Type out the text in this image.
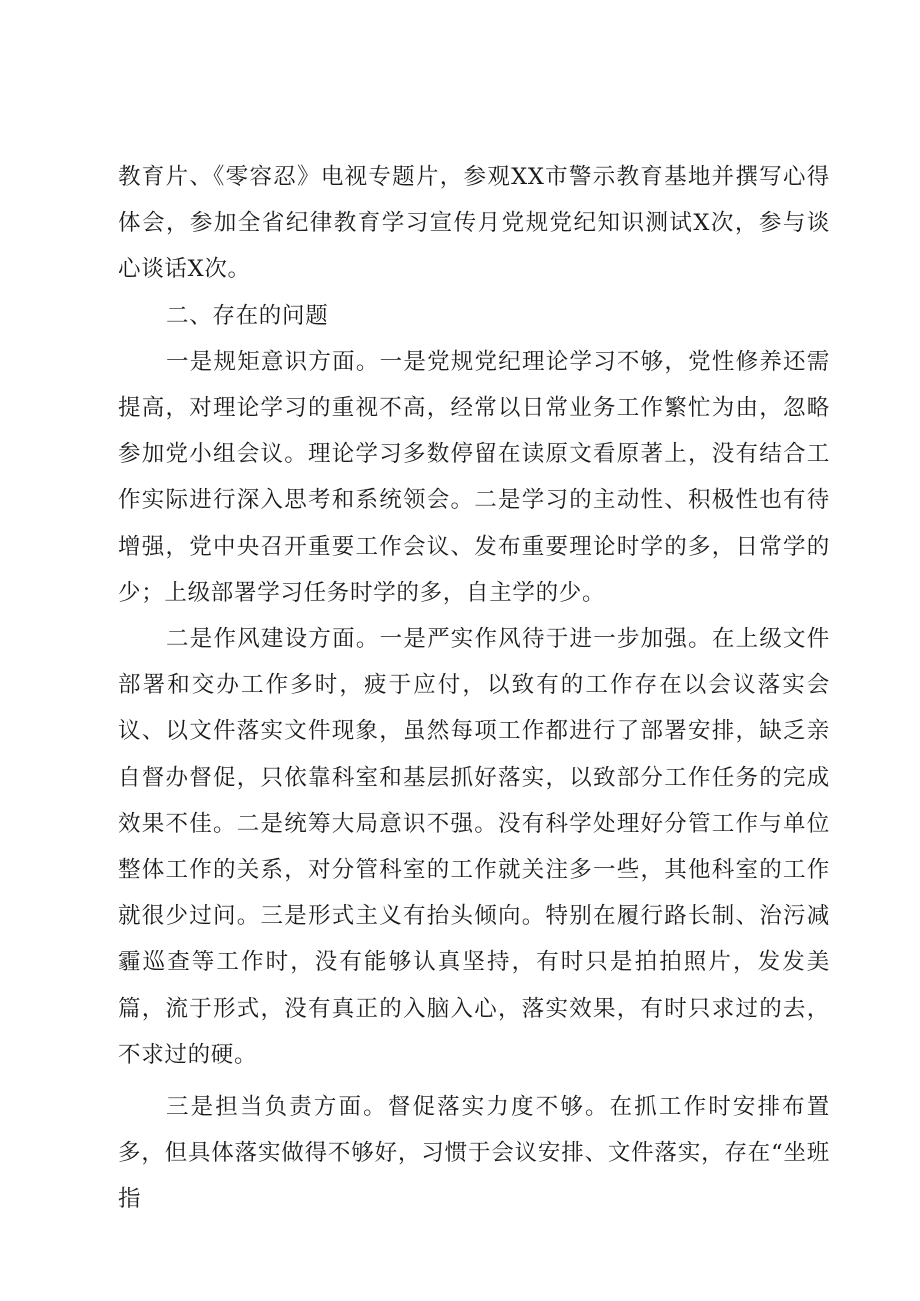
教育片、《零容忍》电视专题片，参观XX市警示教育基地并撰写心得体会，参加全省纪律教育学习宣传月党规党纪知识测试X次，参与谈心谈话X次。

二、存在的问题

一是规矩意识方面。一是党规党纪理论学习不够，党性修养还需提高，对理论学习的重视不高，经常以日常业务工作繁忙为由，忽略参加党小组会议。理论学习多数停留在读原文看原著上，没有结合工作实际进行深入思考和系统领会。二是学习的主动性、积极性也有待增强，党中央召开重要工作会议、发布重要理论时学的多，日常学的少；上级部署学习任务时学的多，自主学的少。

二是作风建设方面。一是严实作风待于进一步加强。在上级文件部署和交办工作多时，疲于应付，以致有的工作存在以会议落实会议、以文件落实文件现象，虽然每项工作都进行了部署安排，缺乏亲自督办督促，只依靠科室和基层抓好落实，以致部分工作任务的完成效果不佳。二是统筹大局意识不强。没有科学处理好分管工作与单位整体工作的关系，对分管科室的工作就关注多一些，其他科室的工作就很少过问。三是形式主义有抬头倾向。特别在履行路长制、治污减霾巡查等工作时，没有能够认真坚持，有时只是拍拍照片，发发美篇，流于形式，没有真正的入脑入心，落实效果，有时只求过的去，不求过的硬。

三是担当负责方面。督促落实力度不够。在抓工作时安排布置多，但具体落实做得不够好，习惯于会议安排、文件落实，存在“坐班指
